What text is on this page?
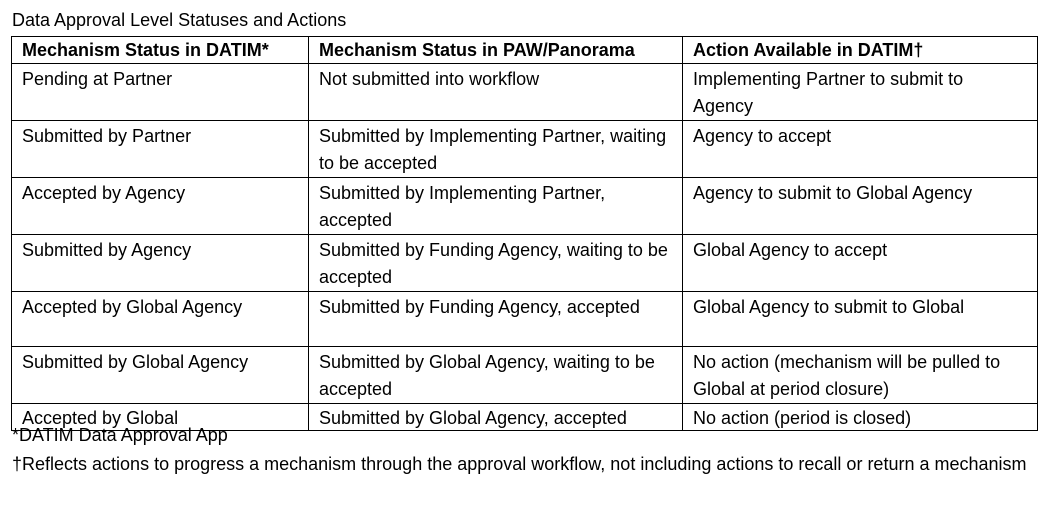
Data Approval Level Statuses and Actions
Mechanism Status in DATIM*	Mechanism Status in PAW/Panorama	Action Available in DATIM†
Pending at Partner	Not submitted into workflow	Implementing Partner to submit to Agency
Submitted by Partner	Submitted by Implementing Partner, waiting to be accepted	Agency to accept
Accepted by Agency	Submitted by Implementing Partner, accepted	Agency to submit to Global Agency
Submitted by Agency	Submitted by Funding Agency, waiting to be accepted	Global Agency to accept
Accepted by Global Agency	Submitted by Funding Agency, accepted	Global Agency to submit to Global
Submitted by Global Agency	Submitted by Global Agency, waiting to be accepted	No action (mechanism will be pulled to Global at period closure)
Accepted by Global	Submitted by Global Agency, accepted	No action (period is closed)
*DATIM Data Approval App
†Reflects actions to progress a mechanism through the approval workflow, not including actions to recall or return a mechanism
